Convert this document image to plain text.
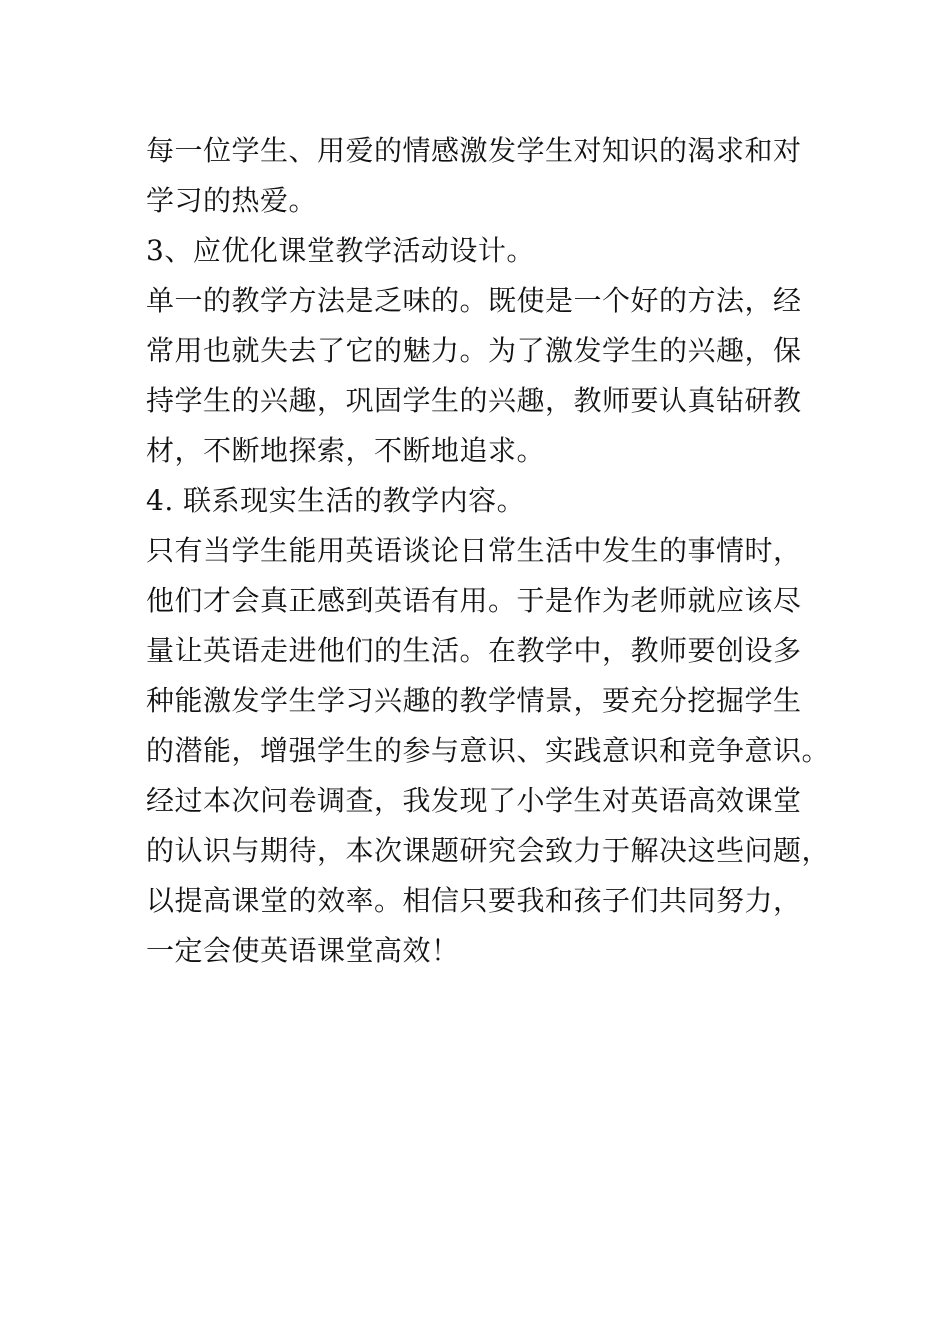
每一位学生、用爱的情感激发学生对知识的渴求和对
学习的热爱。
3、应优化课堂教学活动设计。
单一的教学方法是乏味的。既使是一个好的方法，经
常用也就失去了它的魅力。为了激发学生的兴趣，保
持学生的兴趣，巩固学生的兴趣，教师要认真钻研教
材，不断地探索，不断地追求。
4. 联系现实生活的教学内容。
只有当学生能用英语谈论日常生活中发生的事情时，
他们才会真正感到英语有用。于是作为老师就应该尽
量让英语走进他们的生活。在教学中，教师要创设多
种能激发学生学习兴趣的教学情景，要充分挖掘学生
的潜能，增强学生的参与意识、实践意识和竞争意识。
经过本次问卷调查，我发现了小学生对英语高效课堂
的认识与期待，本次课题研究会致力于解决这些问题，
以提高课堂的效率。相信只要我和孩子们共同努力，
一定会使英语课堂高效！
